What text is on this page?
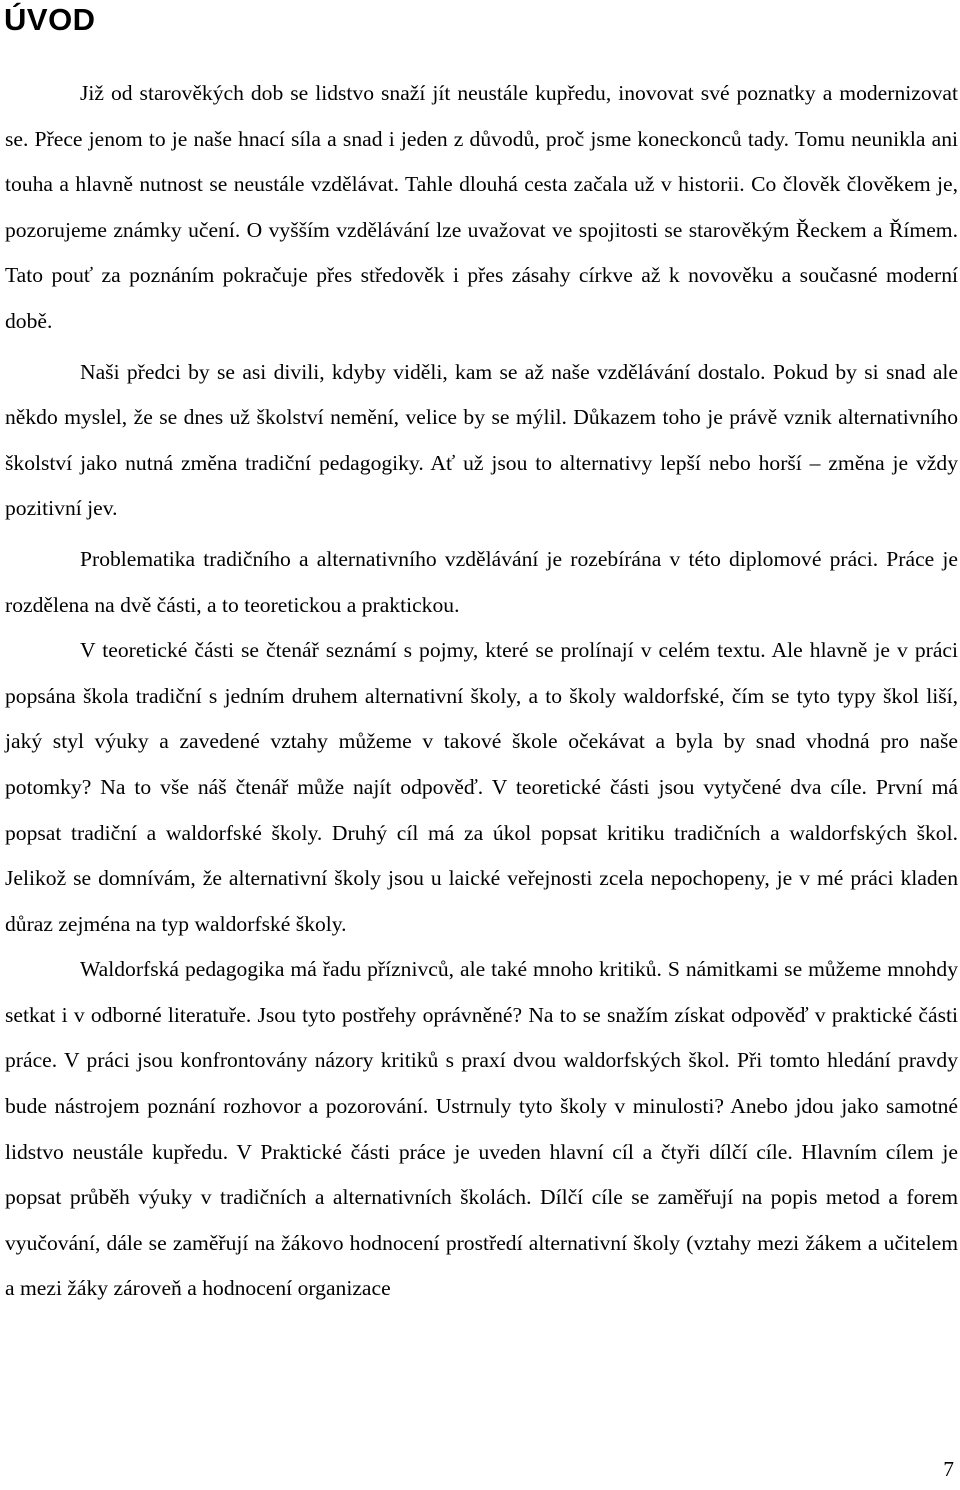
ÚVOD

Již od starověkých dob se lidstvo snaží jít neustále kupředu, inovovat své poznatky a modernizovat se. Přece jenom to je naše hnací síla a snad i jeden z důvodů, proč jsme koneckonců tady. Tomu neunikla ani touha a hlavně nutnost se neustále vzdělávat. Tahle dlouhá cesta začala už v historii. Co člověk člověkem je, pozorujeme známky učení. O vyšším vzdělávání lze uvažovat ve spojitosti se starověkým Řeckem a Římem. Tato pouť za poznáním pokračuje přes středověk i přes zásahy církve až k novověku a současné moderní době.

Naši předci by se asi divili, kdyby viděli, kam se až naše vzdělávání dostalo. Pokud by si snad ale někdo myslel, že se dnes už školství nemění, velice by se mýlil. Důkazem toho je právě vznik alternativního školství jako nutná změna tradiční pedagogiky. Ať už jsou to alternativy lepší nebo horší – změna je vždy pozitivní jev.

Problematika tradičního a alternativního vzdělávání je rozebírána v této diplomové práci. Práce je rozdělena na dvě části, a to teoretickou a praktickou.

V teoretické části se čtenář seznámí s pojmy, které se prolínají v celém textu. Ale hlavně je v práci popsána škola tradiční s jedním druhem alternativní školy, a to školy waldorfské, čím se tyto typy škol liší, jaký styl výuky a zavedené vztahy můžeme v takové škole očekávat a byla by snad vhodná pro naše potomky? Na to vše náš čtenář může najít odpověď. V teoretické části jsou vytyčené dva cíle. První má popsat tradiční a waldorfské školy. Druhý cíl má za úkol popsat kritiku tradičních a waldorfských škol. Jelikož se domnívám, že alternativní školy jsou u laické veřejnosti zcela nepochopeny, je v mé práci kladen důraz zejména na typ waldorfské školy.

Waldorfská pedagogika má řadu příznivců, ale také mnoho kritiků. S námitkami se můžeme mnohdy setkat i v odborné literatuře. Jsou tyto postřehy oprávněné? Na to se snažím získat odpověď v praktické části práce. V práci jsou konfrontovány názory kritiků s praxí dvou waldorfských škol. Při tomto hledání pravdy bude nástrojem poznání rozhovor a pozorování. Ustrnuly tyto školy v minulosti? Anebo jdou jako samotné lidstvo neustále kupředu. V Praktické části práce je uveden hlavní cíl a čtyři dílčí cíle. Hlavním cílem je popsat průběh výuky v tradičních a alternativních školách. Dílčí cíle se zaměřují na popis metod a forem vyučování, dále se zaměřují na žákovo hodnocení prostředí alternativní školy (vztahy mezi žákem a učitelem a mezi žáky zároveň a hodnocení organizace

7
